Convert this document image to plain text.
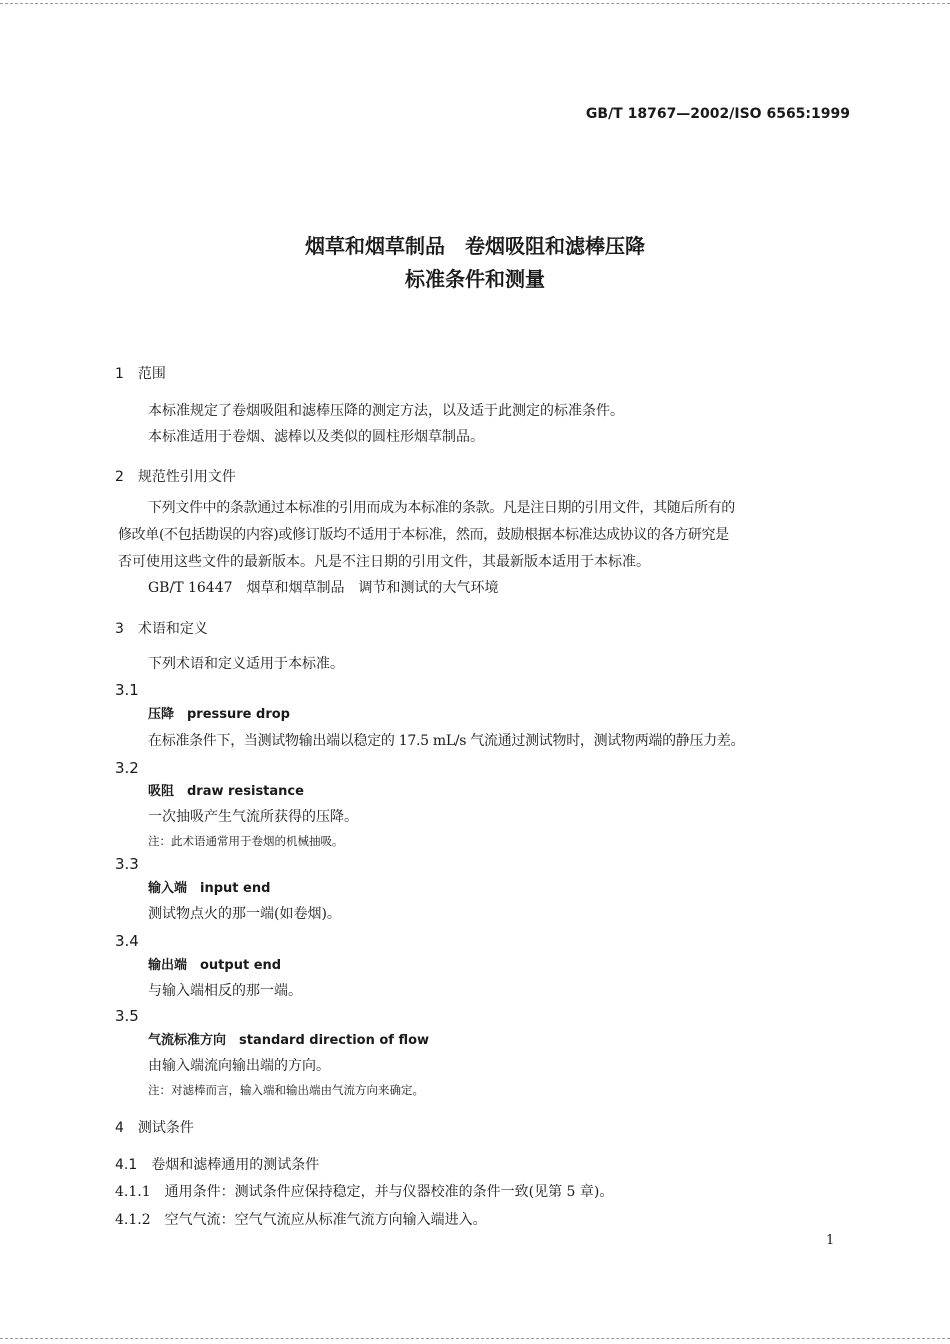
GB/T 18767—2002/ISO 6565:1999
烟草和烟草制品　卷烟吸阻和滤棒压降
标准条件和测量
1　范围
本标准规定了卷烟吸阻和滤棒压降的测定方法，以及适于此测定的标准条件。
本标准适用于卷烟、滤棒以及类似的圆柱形烟草制品。
2　规范性引用文件
下列文件中的条款通过本标准的引用而成为本标准的条款。凡是注日期的引用文件，其随后所有的
修改单(不包括勘误的内容)或修订版均不适用于本标准，然而，鼓励根据本标准达成协议的各方研究是
否可使用这些文件的最新版本。凡是不注日期的引用文件，其最新版本适用于本标准。
GB/T 16447　烟草和烟草制品　调节和测试的大气环境
3　术语和定义
下列术语和定义适用于本标准。
3.1
压降　pressure drop
在标准条件下，当测试物输出端以稳定的 17.5 mL/s 气流通过测试物时，测试物两端的静压力差。
3.2
吸阻　draw resistance
一次抽吸产生气流所获得的压降。
注：此术语通常用于卷烟的机械抽吸。
3.3
输入端　input end
测试物点火的那一端(如卷烟)。
3.4
输出端　output end
与输入端相反的那一端。
3.5
气流标准方向　standard direction of flow
由输入端流向输出端的方向。
注：对滤棒而言，输入端和输出端由气流方向来确定。
4　测试条件
4.1　卷烟和滤棒通用的测试条件
4.1.1　通用条件：测试条件应保持稳定，并与仪器校准的条件一致(见第 5 章)。
4.1.2　空气气流：空气气流应从标准气流方向输入端进入。
1
